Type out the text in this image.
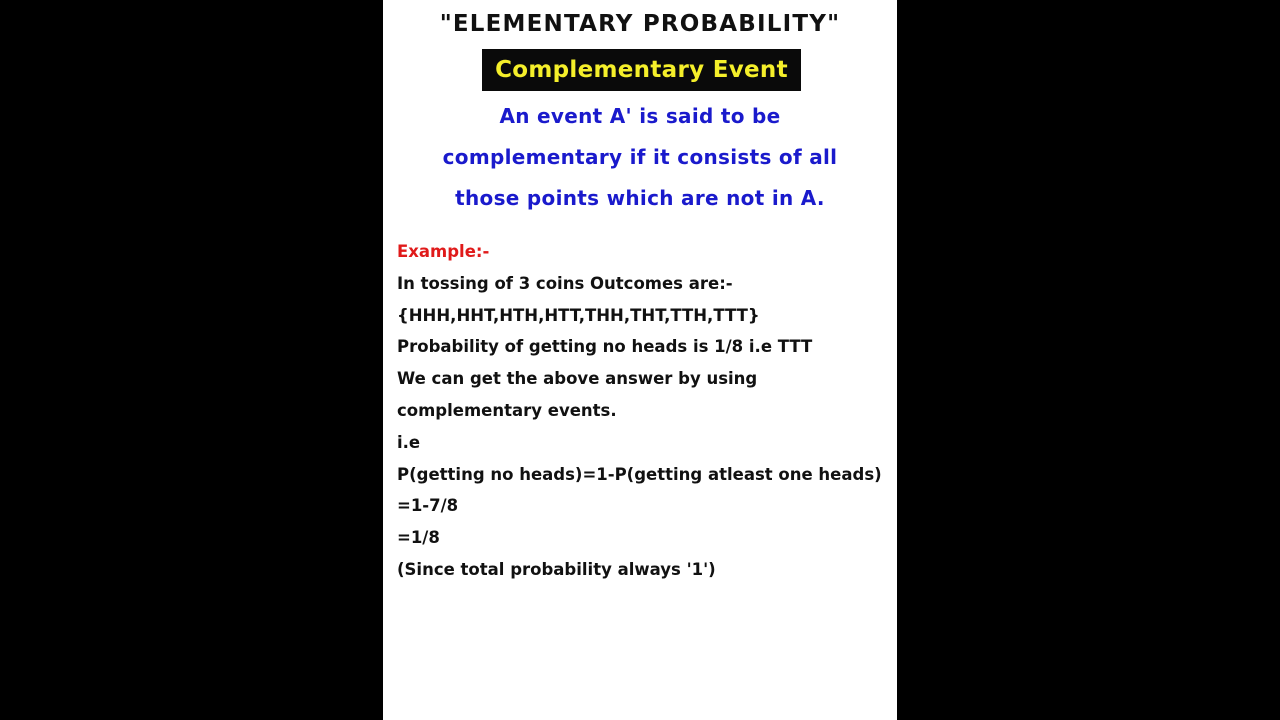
"ELEMENTARY PROBABILITY"
Complementary Event
An event A' is said to be
complementary if it consists of all
those points which are not in A.
Example:-
In tossing of 3 coins Outcomes are:-
{HHH,HHT,HTH,HTT,THH,THT,TTH,TTT}
Probability of getting no heads is 1/8 i.e TTT
We can get the above answer by using
complementary events.
i.e
P(getting no heads)=1-P(getting atleast one heads)
=1-7/8
=1/8
(Since total probability always '1')
